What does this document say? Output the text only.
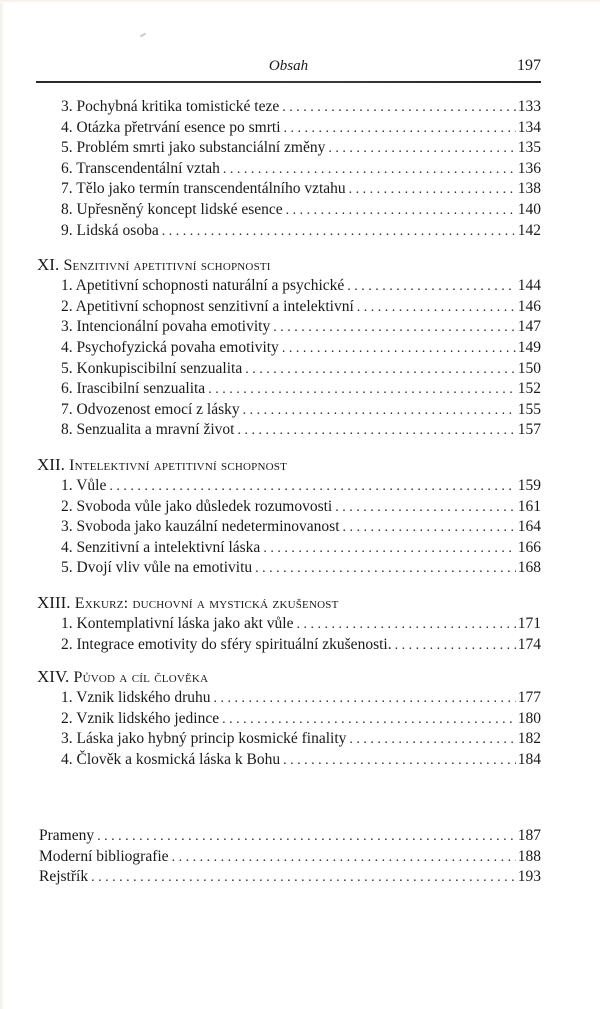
Obsah	197
3. Pochybná kritika tomistické teze . . .	133
4. Otázka přetrvání esence po smrti . . .	134
5. Problém smrti jako substanciální změny . . .	135
6. Transcendentální vztah . . .	136
7. Tělo jako termín transcendentálního vztahu . . .	138
8. Upřesněný koncept lidské esence . . .	140
9. Lidská osoba . . .	142
XI. Senzitivní apetitivní schopnosti
1. Apetitivní schopnosti naturální a psychické . . .	144
2. Apetitivní schopnost senzitivní a intelektivní . . .	146
3. Intencionální povaha emotivity . . .	147
4. Psychofyzická povaha emotivity . . .	149
5. Konkupiscibilní senzualita . . .	150
6. Irascibilní senzualita . . .	152
7. Odvozenost emocí z lásky . . .	155
8. Senzualita a mravní život . . .	157
XII. Intelektivní apetitivní schopnost
1. Vůle . . .	159
2. Svoboda vůle jako důsledek rozumovosti . . .	161
3. Svoboda jako kauzální nedeterminovanost . . .	164
4. Senzitivní a intelektivní láska . . .	166
5. Dvojí vliv vůle na emotivitu . . .	168
XIII. Exkurz: duchovní a mystická zkušenost
1. Kontemplativní láska jako akt vůle . . .	171
2. Integrace emotivity do sféry spirituální zkušenosti. . . .	174
XIV. Původ a cíl člověka
1. Vznik lidského druhu . . .	177
2. Vznik lidského jedince . . .	180
3. Láska jako hybný princip kosmické finality . . .	182
4. Člověk a kosmická láska k Bohu . . .	184
Prameny . . .	187
Moderní bibliografie . . .	188
Rejstřík . . .	193
